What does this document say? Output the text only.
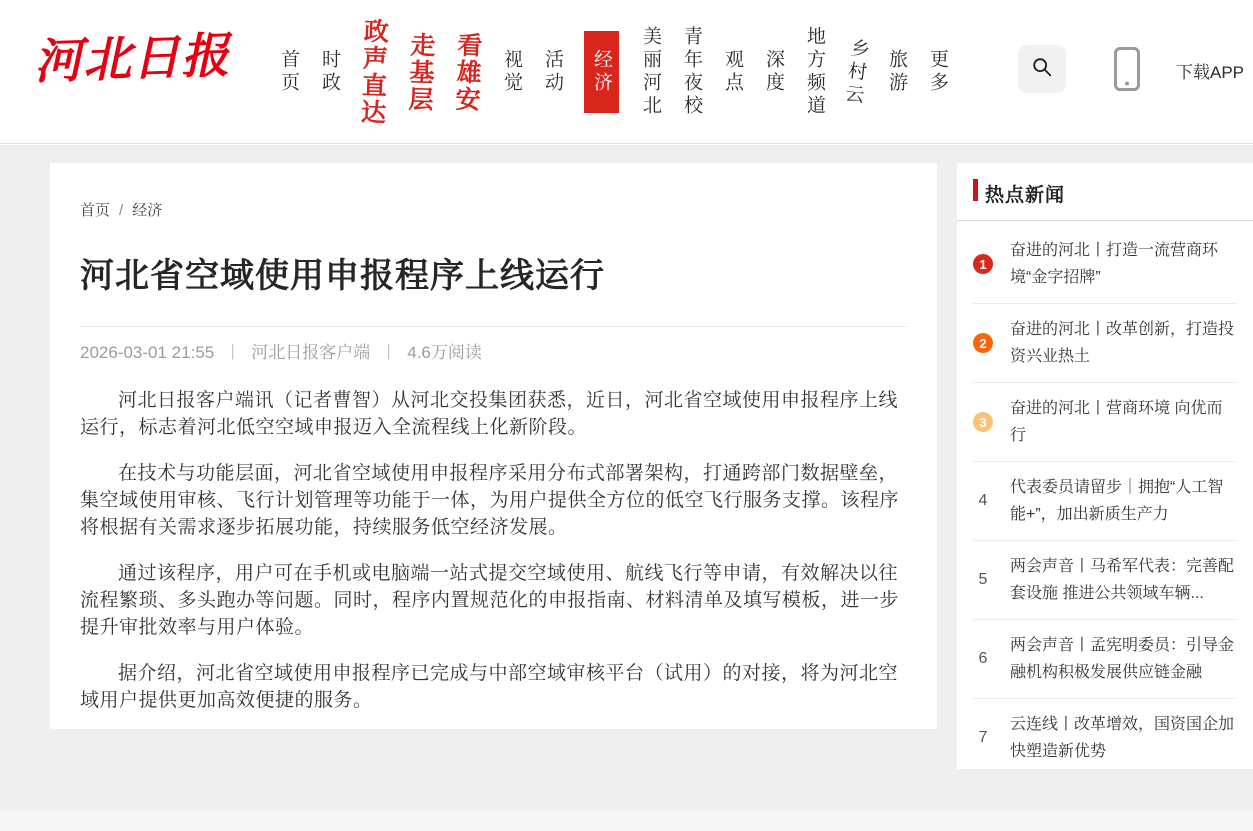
河北日报 首页 时政 政声直达 走基层 看雄安 视觉 活动	经济	美丽河北 青年夜校 观点 深度 地方频道 乡村云 旅游 更多	下载APP
首页 / 经济
河北省空域使用申报程序上线运行
2026-03-01 21:55 丨 河北日报客户端 丨 4.6万阅读

河北日报客户端讯（记者曹智）从河北交投集团获悉，近日，河北省空域使用申报程序上线运行，标志着河北低空空域申报迈入全流程线上化新阶段。

在技术与功能层面，河北省空域使用申报程序采用分布式部署架构，打通跨部门数据壁垒，集空域使用审核、飞行计划管理等功能于一体，为用户提供全方位的低空飞行服务支撑。该程序将根据有关需求逐步拓展功能，持续服务低空经济发展。

通过该程序，用户可在手机或电脑端一站式提交空域使用、航线飞行等申请，有效解决以往流程繁琐、多头跑办等问题。同时，程序内置规范化的申报指南、材料清单及填写模板，进一步提升审批效率与用户体验。

据介绍，河北省空域使用申报程序已完成与中部空域审核平台（试用）的对接，将为河北空域用户提供更加高效便捷的服务。

热点新闻
1
奋进的河北丨打造一流营商环境“金字招牌”
2
奋进的河北丨改革创新，打造投资兴业热土
3
奋进的河北丨营商环境 向优而行
4
代表委员请留步｜拥抱“人工智能+”，加出新质生产力
5
两会声音丨马希军代表：完善配套设施 推进公共领域车辆...
6
两会声音丨孟宪明委员：引导金融机构积极发展供应链金融
7
云连线丨改革增效，国资国企加快塑造新优势
